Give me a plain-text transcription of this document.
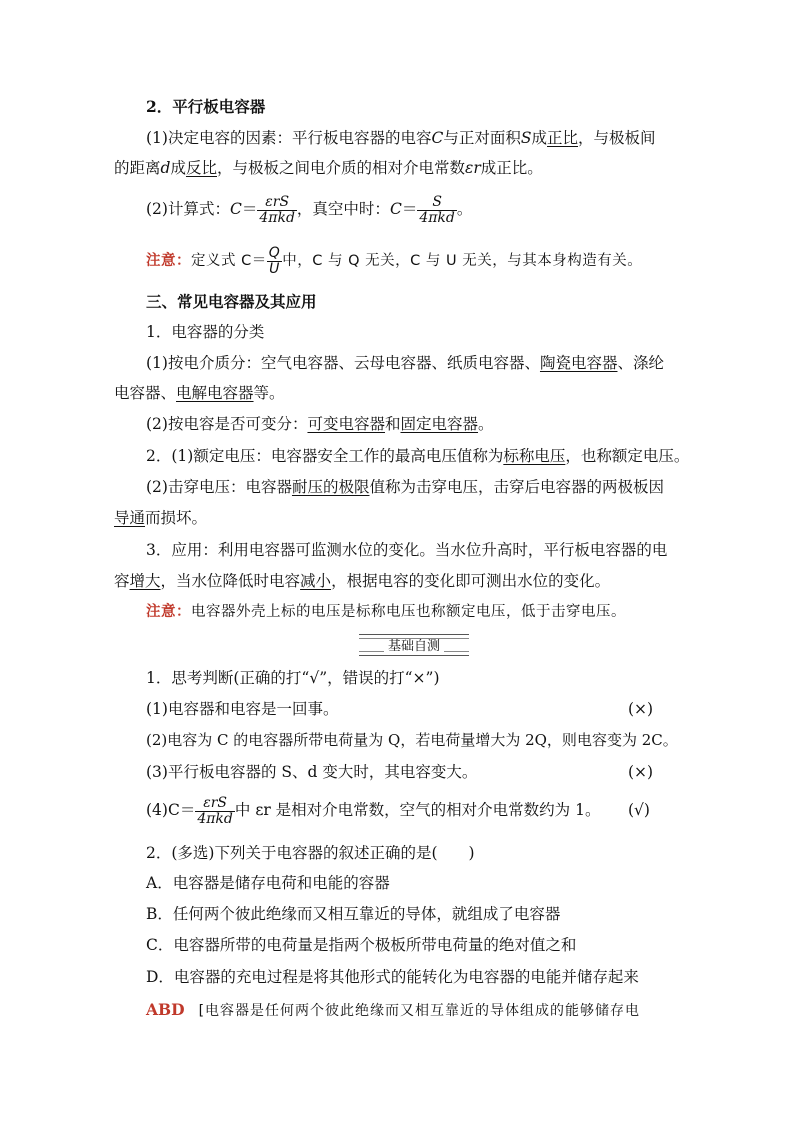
2．平行板电容器
(1)决定电容的因素：平行板电容器的电容C与正对面积S成正比，与极板间
的距离d成反比，与极板之间电介质的相对介电常数εr成正比。
(2)计算式：$C= \frac{\text{εrS}}{\text{4πkd}}$ ，真空中时：$C= \frac{S}{\text{4πkd}}$ 。
注意：定义式 $C= \frac{Q}{U}$ 中，C 与 Q 无关，C 与 U 无关，与其本身构造有关。
三、常见电容器及其应用
1．电容器的分类
(1)按电介质分：空气电容器、云母电容器、纸质电容器、陶瓷电容器、涤纶
电容器、电解电容器等。
(2)按电容是否可变分：可变电容器和固定电容器。
2．(1)额定电压：电容器安全工作的最高电压值称为标称电压，也称额定电压。
(2)击穿电压：电容器耐压的极限值称为击穿电压，击穿后电容器的两极板因
导通而损坏。
3．应用：利用电容器可监测水位的变化。当水位升高时，平行板电容器的电
容增大，当水位降低时电容减小，根据电容的变化即可测出水位的变化。
注意：电容器外壳上标的电压是标称电压也称额定电压，低于击穿电压。
基础自测
1．思考判断(正确的打“√”，错误的打“×”)
(1)电容器和电容是一回事。	(×)
(2)电容为 C 的电容器所带电荷量为 Q，若电荷量增大为 2Q，则电容变为 2C。
(3)平行板电容器的 S、d 变大时，其电容变大。	(×)
$(4)C= \frac{\text{εrS}}{\text{4πkd}}$ 中 εr 是相对介电常数，空气的相对介电常数约为 1。 (√)
2．(多选)下列关于电容器的叙述正确的是(　　)
A．电容器是储存电荷和电能的容器
B．任何两个彼此绝缘而又相互靠近的导体，就组成了电容器
C．电容器所带的电荷量是指两个极板所带电荷量的绝对值之和
D．电容器的充电过程是将其他形式的能转化为电容器的电能并储存起来
ABD [电容器是任何两个彼此绝缘而又相互靠近的导体组成的能够储存电
